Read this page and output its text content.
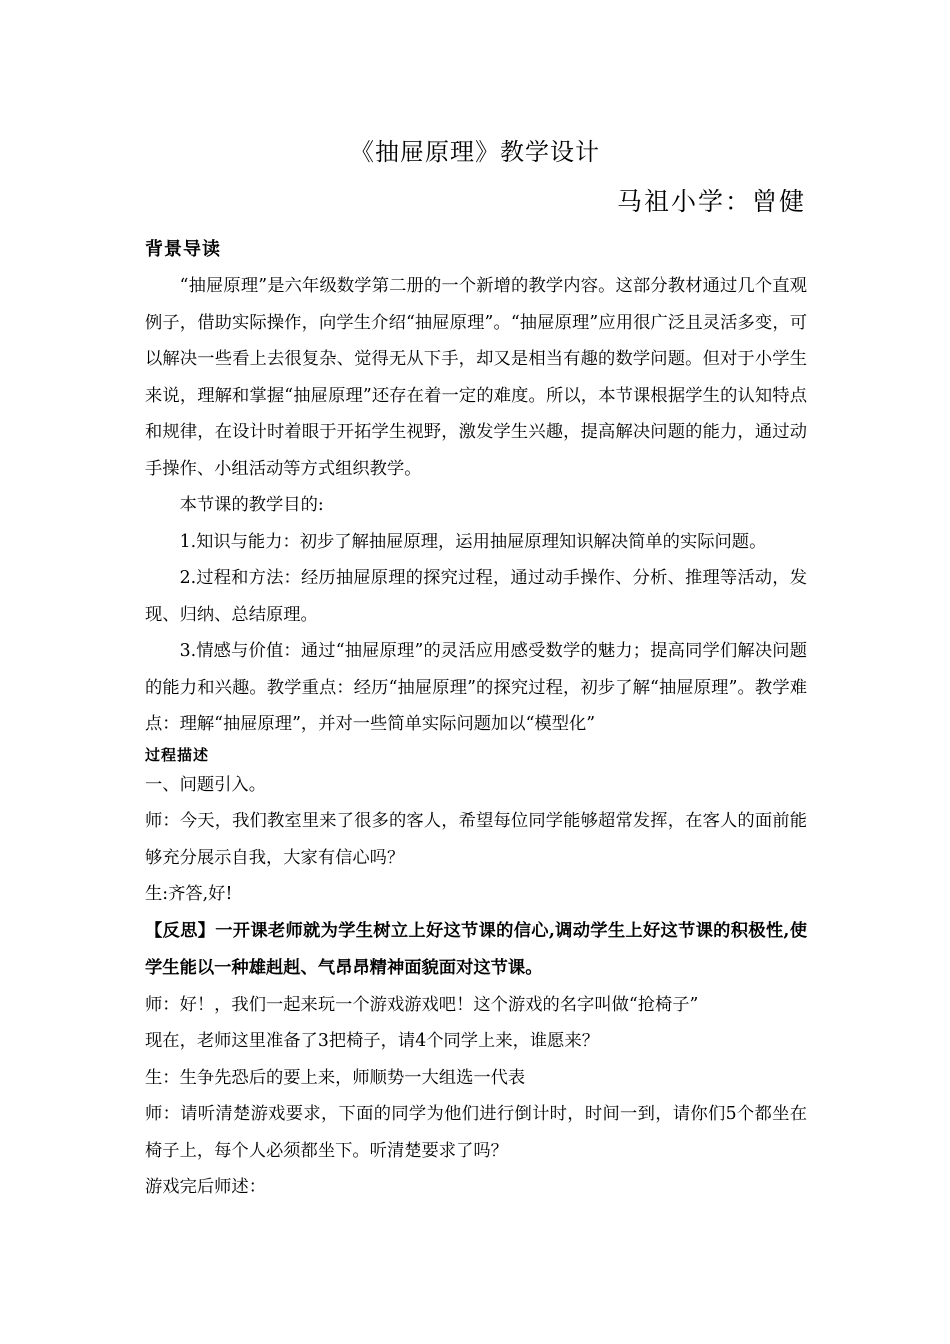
《抽屉原理》教学设计
马祖小学：曾健
背景导读

“抽屉原理”是六年级数学第二册的一个新增的教学内容。这部分教材通过几个直观例子，借助实际操作，向学生介绍“抽屉原理”。“抽屉原理”应用很广泛且灵活多变，可以解决一些看上去很复杂、觉得无从下手，却又是相当有趣的数学问题。但对于小学生来说，理解和掌握“抽屉原理”还存在着一定的难度。所以，本节课根据学生的认知特点和规律，在设计时着眼于开拓学生视野，激发学生兴趣，提高解决问题的能力，通过动手操作、小组活动等方式组织教学。

本节课的教学目的:

1.知识与能力：初步了解抽屉原理，运用抽屉原理知识解决简单的实际问题。

2.过程和方法：经历抽屉原理的探究过程，通过动手操作、分析、推理等活动，发现、归纳、总结原理。

3.情感与价值：通过“抽屉原理”的灵活应用感受数学的魅力；提高同学们解决问题的能力和兴趣。教学重点：经历“抽屉原理”的探究过程，初步了解“抽屉原理”。教学难点：理解“抽屉原理”，并对一些简单实际问题加以“模型化”

过程描述

一、问题引入。

师：今天，我们教室里来了很多的客人，希望每位同学能够超常发挥，在客人的面前能够充分展示自我，大家有信心吗？

生:齐答,好!

【反思】一开课老师就为学生树立上好这节课的信心,调动学生上好这节课的积极性,使学生能以一种雄赳赳、气昂昂精神面貌面对这节课。

师：好！，我们一起来玩一个游戏游戏吧！这个游戏的名字叫做“抢椅子”

现在，老师这里准备了3把椅子，请4个同学上来，谁愿来？

生：生争先恐后的要上来，师顺势一大组选一代表

师：请听清楚游戏要求，下面的同学为他们进行倒计时，时间一到，请你们5个都坐在椅子上，每个人必须都坐下。听清楚要求了吗？

游戏完后师述：
